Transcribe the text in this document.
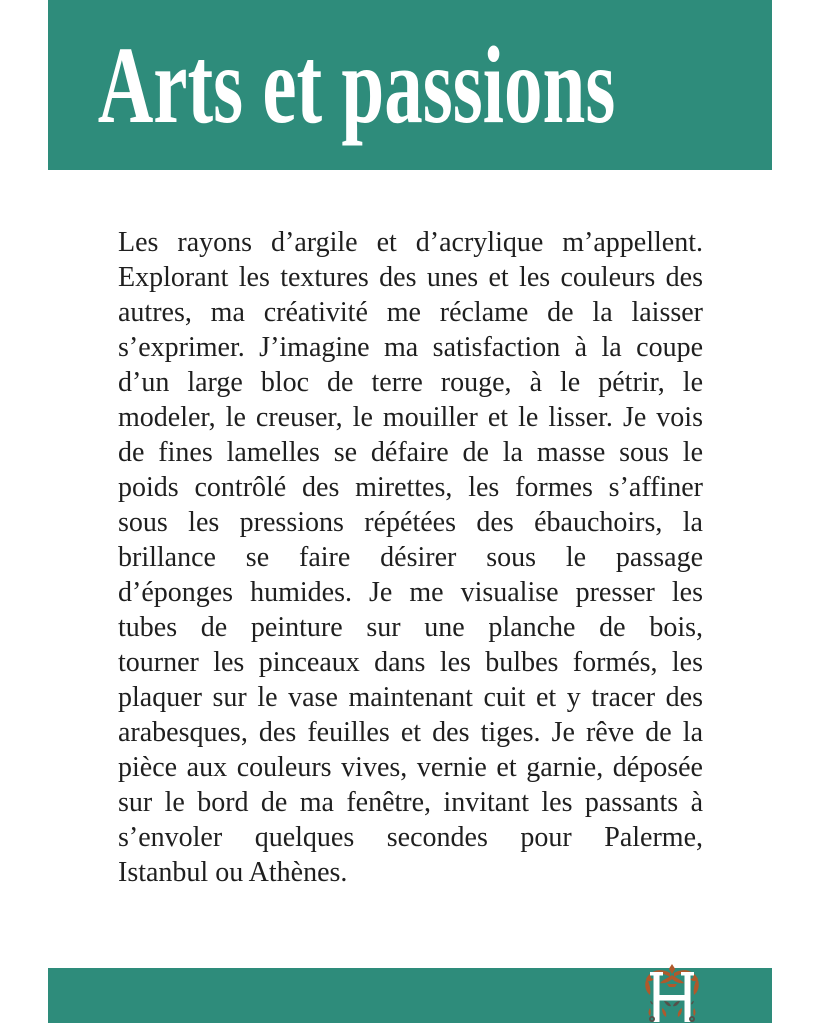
Arts et passions
Les rayons d’argile et d’acrylique m’appellent.
Explorant les textures des unes et les couleurs des
autres, ma créativité me réclame de la laisser
s’exprimer. J’imagine ma satisfaction à la coupe
d’un large bloc de terre rouge, à le pétrir, le
modeler, le creuser, le mouiller et le lisser. Je vois
de fines lamelles se défaire de la masse sous le
poids contrôlé des mirettes, les formes s’affiner
sous les pressions répétées des ébauchoirs, la
brillance se faire désirer sous le passage
d’éponges humides. Je me visualise presser les
tubes de peinture sur une planche de bois,
tourner les pinceaux dans les bulbes formés, les
plaquer sur le vase maintenant cuit et y tracer des
arabesques, des feuilles et des tiges. Je rêve de la
pièce aux couleurs vives, vernie et garnie, déposée
sur le bord de ma fenêtre, invitant les passants à
s’envoler quelques secondes pour Palerme,
Istanbul ou Athènes.
